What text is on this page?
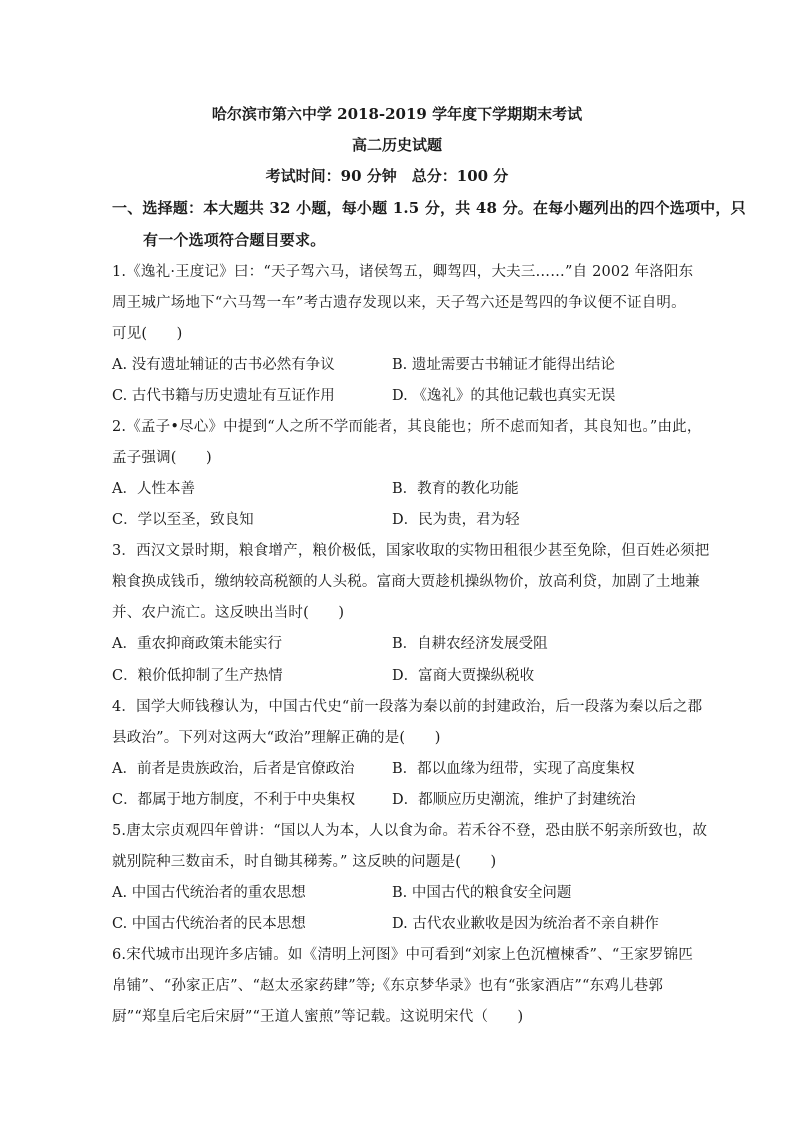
哈尔滨市第六中学 2018-2019 学年度下学期期末考试
高二历史试题
考试时间：90 分钟　总分：100 分
一、选择题：本大题共 32 小题，每小题 1.5 分，共 48 分。在每小题列出的四个选项中，只
有一个选项符合题目要求。
1.《逸礼·王度记》曰：“天子驾六马，诸侯驾五，卿驾四，大夫三……”自 2002 年洛阳东
周王城广场地下“六马驾一车”考古遗存发现以来，天子驾六还是驾四的争议便不证自明。
可见(　　)
A. 没有遗址辅证的古书必然有争议	B. 遗址需要古书辅证才能得出结论
C. 古代书籍与历史遗址有互证作用	D. 《逸礼》的其他记载也真实无误
2.《孟子•尽心》中提到“人之所不学而能者，其良能也；所不虑而知者，其良知也。”由此，
孟子强调(　　)
A．人性本善	B．教育的教化功能
C．学以至圣，致良知	D．民为贵，君为轻
3．西汉文景时期，粮食增产，粮价极低，国家收取的实物田租很少甚至免除，但百姓必须把
粮食换成钱币，缴纳较高税额的人头税。富商大贾趁机操纵物价，放高利贷，加剧了土地兼
并、农户流亡。这反映出当时(　　)
A．重农抑商政策未能实行	B．自耕农经济发展受阻
C．粮价低抑制了生产热情	D．富商大贾操纵税收
4．国学大师钱穆认为，中国古代史“前一段落为秦以前的封建政治，后一段落为秦以后之郡
县政治”。下列对这两大“政治”理解正确的是(　　)
A．前者是贵族政治，后者是官僚政治	B．都以血缘为纽带，实现了高度集权
C．都属于地方制度，不利于中央集权	D．都顺应历史潮流，维护了封建统治
5.唐太宗贞观四年曾讲：“国以人为本，人以食为命。若禾谷不登，恐由朕不躬亲所致也，故
就别院种三数亩禾，时自锄其稊莠。” 这反映的问题是(　　)
A. 中国古代统治者的重农思想	B. 中国古代的粮食安全问题
C. 中国古代统治者的民本思想	D. 古代农业歉收是因为统治者不亲自耕作
6.宋代城市出现许多店铺。如《清明上河图》中可看到“刘家上色沉檀楝香”、“王家罗锦匹
帛铺”、“孙家正店”、“赵太丞家药肆”等;《东京梦华录》也有“张家酒店”“东鸡儿巷郭
厨”“郑皇后宅后宋厨”“王道人蜜煎”等记载。这说明宋代（　　)
